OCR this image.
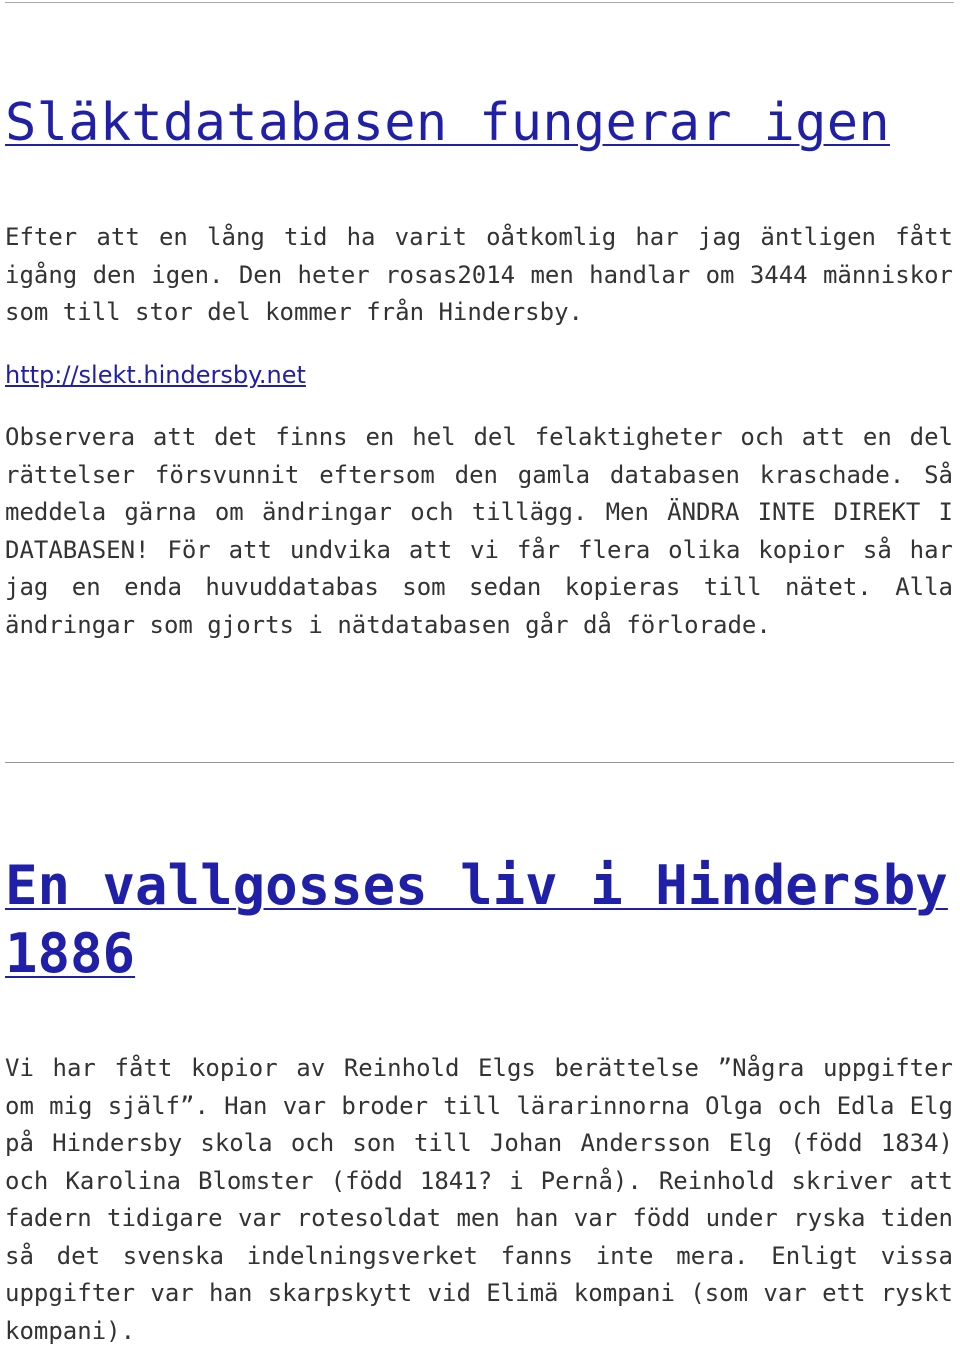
Släktdatabasen fungerar igen

Efter att en lång tid ha varit oåtkomlig har jag äntligen fått igång den igen. Den heter rosas2014 men handlar om 3444 människor som till stor del kommer från Hindersby.

http://slekt.hindersby.net

Observera att det finns en hel del felaktigheter och att en del rättelser försvunnit eftersom den gamla databasen kraschade. Så meddela gärna om ändringar och tillägg. Men ÄNDRA INTE DIREKT I DATABASEN! För att undvika att vi får flera olika kopior så har jag en enda huvuddatabas som sedan kopieras till nätet. Alla ändringar som gjorts i nätdatabasen går då förlorade.

En vallgosses liv i Hindersby 1886

Vi har fått kopior av Reinhold Elgs berättelse ”Några uppgifter om mig själf”. Han var broder till lärarinnorna Olga och Edla Elg på Hindersby skola och son till Johan Andersson Elg (född 1834) och Karolina Blomster (född 1841? i Pernå). Reinhold skriver att fadern tidigare var rotesoldat men han var född under ryska tiden så det svenska indelningsverket fanns inte mera. Enligt vissa uppgifter var han skarpskytt vid Elimä kompani (som var ett ryskt kompani).
